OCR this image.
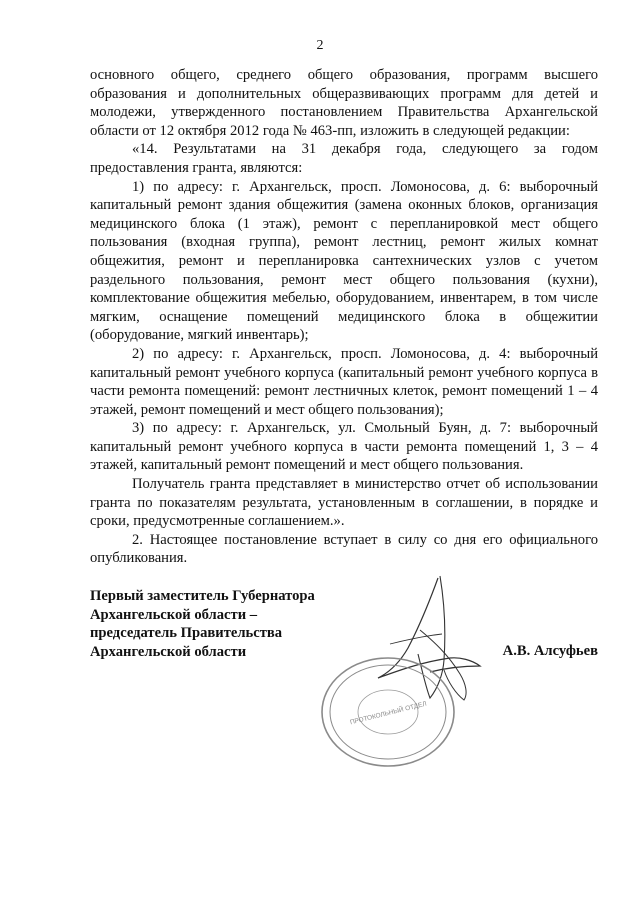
2

основного общего, среднего общего образования, программ высшего образования и дополнительных общеразвивающих программ для детей и молодежи, утвержденного постановлением Правительства Архангельской области от 12 октября 2012 года № 463-пп, изложить в следующей редакции:

«14. Результатами на 31 декабря года, следующего за годом предоставления гранта, являются:

1) по адресу: г. Архангельск, просп. Ломоносова, д. 6: выборочный капитальный ремонт здания общежития (замена оконных блоков, организация медицинского блока (1 этаж), ремонт с перепланировкой мест общего пользования (входная группа), ремонт лестниц, ремонт жилых комнат общежития, ремонт и перепланировка сантехнических узлов с учетом раздельного пользования, ремонт мест общего пользования (кухни), комплектование общежития мебелью, оборудованием, инвентарем, в том числе мягким, оснащение помещений медицинского блока в общежитии (оборудование, мягкий инвентарь);

2) по адресу: г. Архангельск, просп. Ломоносова, д. 4: выборочный капитальный ремонт учебного корпуса (капитальный ремонт учебного корпуса в части ремонта помещений: ремонт лестничных клеток, ремонт помещений 1 – 4 этажей, ремонт помещений и мест общего пользования);

3) по адресу: г. Архангельск, ул. Смольный Буян, д. 7: выборочный капитальный ремонт учебного корпуса в части ремонта помещений 1, 3 – 4 этажей, капитальный ремонт помещений и мест общего пользования.

Получатель гранта представляет в министерство отчет об использовании гранта по показателям результата, установленным в соглашении, в порядке и сроки, предусмотренные соглашением.».

2. Настоящее постановление вступает в силу со дня его официального опубликования.

Первый заместитель Губернатора
Архангельской области –
председатель Правительства
Архангельской области	А.В. Алсуфьев
ПРОТОКОЛЬНЫЙ ОТДЕЛ
